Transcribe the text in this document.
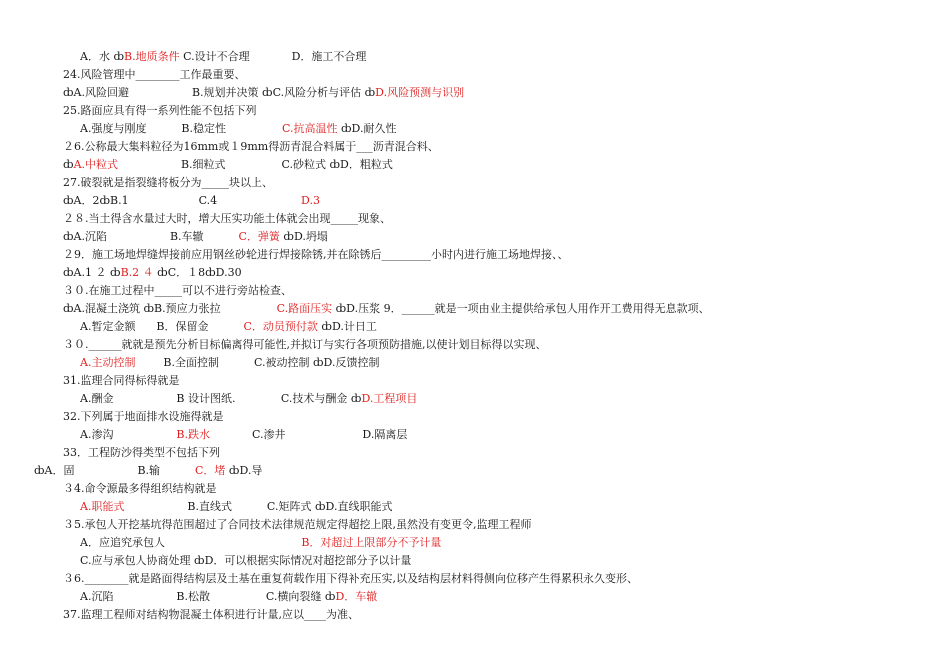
A．水 ȸB.地质条件 C.设计不合理            D．施工不合理
24.风险管理中________工作最重要、
ȸA.风险回避                  B.规划并决策 ȸC.风险分析与评估 ȸD.风险预测与识别
25.路面应具有得一系列性能不包括下列
A.强度与刚度          B.稳定性                C.抗高温性 ȸD.耐久性
２6.公称最大集料粒径为16mm或１9mm得沥青混合料属于___沥青混合料、
ȸA.中粒式                  B.细粒式                C.砂粒式 ȸD．粗粒式
27.破裂就是指裂缝将板分为_____块以上、
ȸA．2ȸB.1                    C.4                        D.3
２８.当土得含水量过大时，增大压实功能土体就会出现_____现象、
ȸA.沉陷                  B.车辙          C．弹簧 ȸD.坍塌
２9．施工场地焊缝焊接前应用钢丝砂轮进行焊接除锈,并在除锈后_________小时内进行施工场地焊接、、
ȸA.1 ２ ȸB.2 ４ ȸC．１8ȸD.30
３０.在施工过程中_____可以不进行旁站检查、
ȸA.混凝土浇筑 ȸB.预应力张拉                C.路面压实 ȸD.压浆 9．______就是一项由业主提供给承包人用作开工费用得无息款项、
A.暂定金额      B．保留金          C．动员预付款 ȸD.计日工
３０.______就就是预先分析目标偏离得可能性,并拟订与实行各项预防措施,以使计划目标得以实现、
A.主动控制        B.全面控制          C.被动控制 ȸD.反馈控制
31.监理合同得标得就是
A.酬金                  B 设计图纸.             C.技术与酬金 ȸD.工程项目
32.下列属于地面排水设施得就是
A.渗沟                  B.跌水            C.渗井                      D.隔离层
33．工程防沙得类型不包括下列
ȸA．固                  B.输          C．堵 ȸD.导
３4.命令源最多得组织结构就是
A.职能式                  B.直线式          C.矩阵式 ȸD.直线职能式
３5.承包人开挖基坑得范围超过了合同技术法律规范规定得超挖上限,虽然没有变更令,监理工程师
A．应追究承包人                                       B．对超过上限部分不予计量
C.应与承包人协商处理 ȸD．可以根据实际情况对超挖部分予以计量
３6.________就是路面得结构层及土基在重复荷载作用下得补充压实,以及结构层材料得侧向位移产生得累积永久变形、
A.沉陷                  B.松散                C.横向裂缝 ȸD．车辙
37.监理工程师对结构物混凝土体积进行计量,应以____为准、
